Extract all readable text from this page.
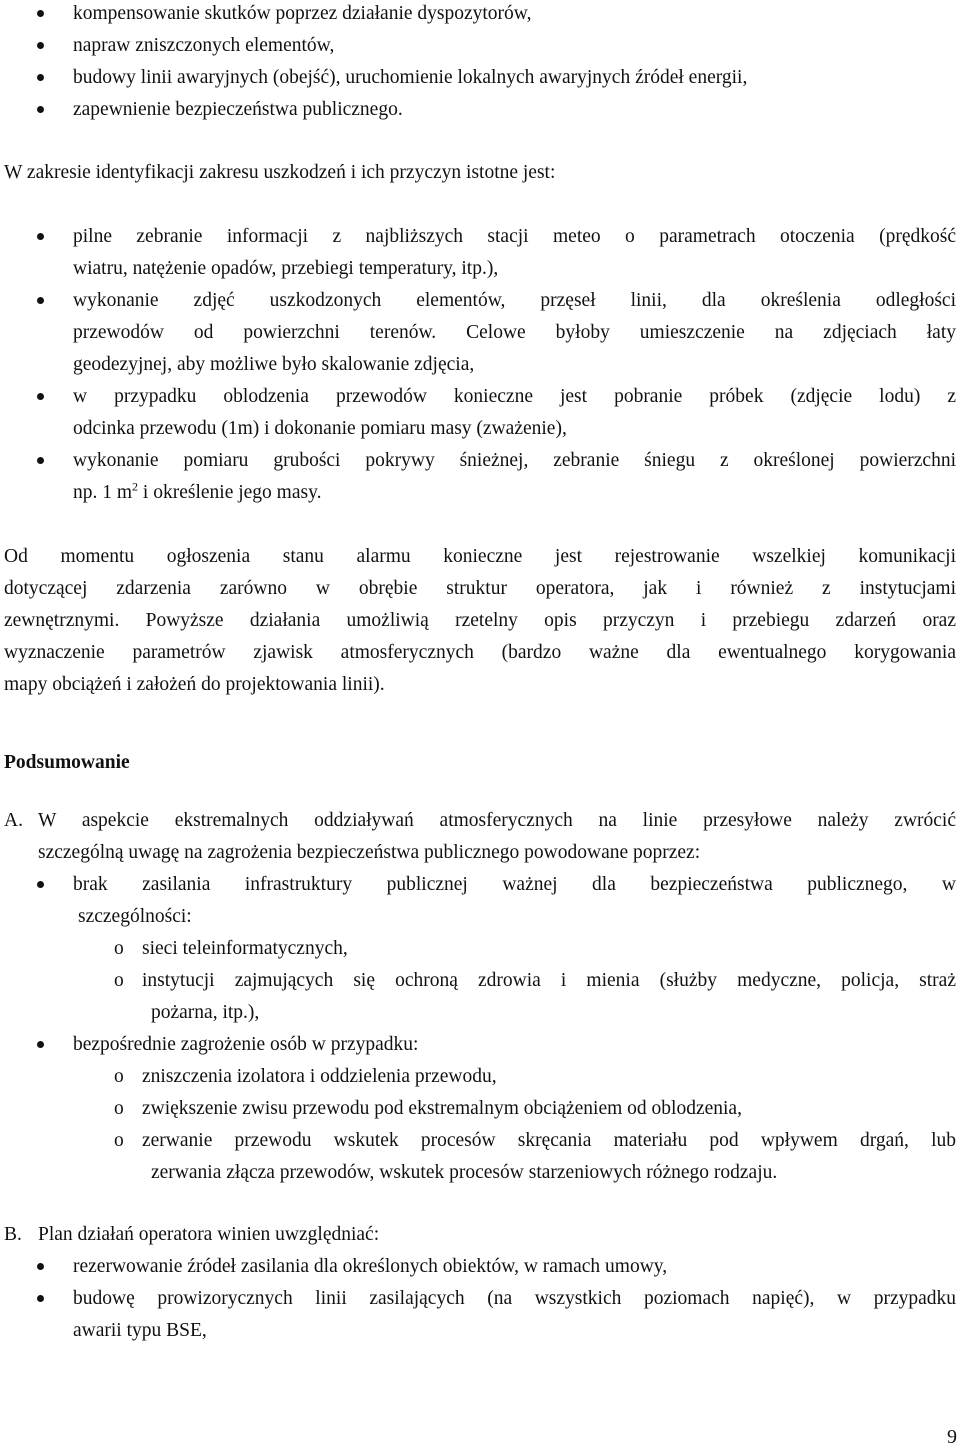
kompensowanie skutków poprzez działanie dyspozytorów,
napraw zniszczonych elementów,
budowy linii awaryjnych (obejść), uruchomienie lokalnych awaryjnych źródeł energii,
zapewnienie bezpieczeństwa publicznego.
W zakresie identyfikacji zakresu uszkodzeń i ich przyczyn istotne jest:
pilne zebranie informacji z najbliższych stacji meteo o parametrach otoczenia (prędkość
wiatru, natężenie opadów, przebiegi temperatury, itp.),
wykonanie zdjęć uszkodzonych elementów, przęseł linii, dla określenia odległości
przewodów od powierzchni terenów. Celowe byłoby umieszczenie na zdjęciach łaty
geodezyjnej, aby możliwe było skalowanie zdjęcia,
w przypadku oblodzenia przewodów konieczne jest pobranie próbek (zdjęcie lodu) z
odcinka przewodu (1m) i dokonanie pomiaru masy (zważenie),
wykonanie pomiaru grubości pokrywy śnieżnej, zebranie śniegu z określonej powierzchni
np. 1 $m^2$ i określenie jego masy.
Od momentu ogłoszenia stanu alarmu konieczne jest rejestrowanie wszelkiej komunikacji
dotyczącej zdarzenia zarówno w obrębie struktur operatora, jak i również z instytucjami
zewnętrznymi. Powyższe działania umożliwią rzetelny opis przyczyn i przebiegu zdarzeń oraz
wyznaczenie parametrów zjawisk atmosferycznych (bardzo ważne dla ewentualnego korygowania
mapy obciążeń i założeń do projektowania linii).
Podsumowanie
A. W aspekcie ekstremalnych oddziaływań atmosferycznych na linie przesyłowe należy zwrócić
szczególną uwagę na zagrożenia bezpieczeństwa publicznego powodowane poprzez:
brak zasilania infrastruktury publicznej ważnej dla bezpieczeństwa publicznego, w
szczególności:
o sieci teleinformatycznych,
o instytucji zajmujących się ochroną zdrowia i mienia (służby medyczne, policja, straż
pożarna, itp.),
bezpośrednie zagrożenie osób w przypadku:
o zniszczenia izolatora i oddzielenia przewodu,
o zwiększenie zwisu przewodu pod ekstremalnym obciążeniem od oblodzenia,
o zerwanie przewodu wskutek procesów skręcania materiału pod wpływem drgań, lub
zerwania złącza przewodów, wskutek procesów starzeniowych różnego rodzaju.
B. Plan działań operatora winien uwzględniać:
rezerwowanie źródeł zasilania dla określonych obiektów, w ramach umowy,
budowę prowizorycznych linii zasilających (na wszystkich poziomach napięć), w przypadku
awarii typu BSE,
9
